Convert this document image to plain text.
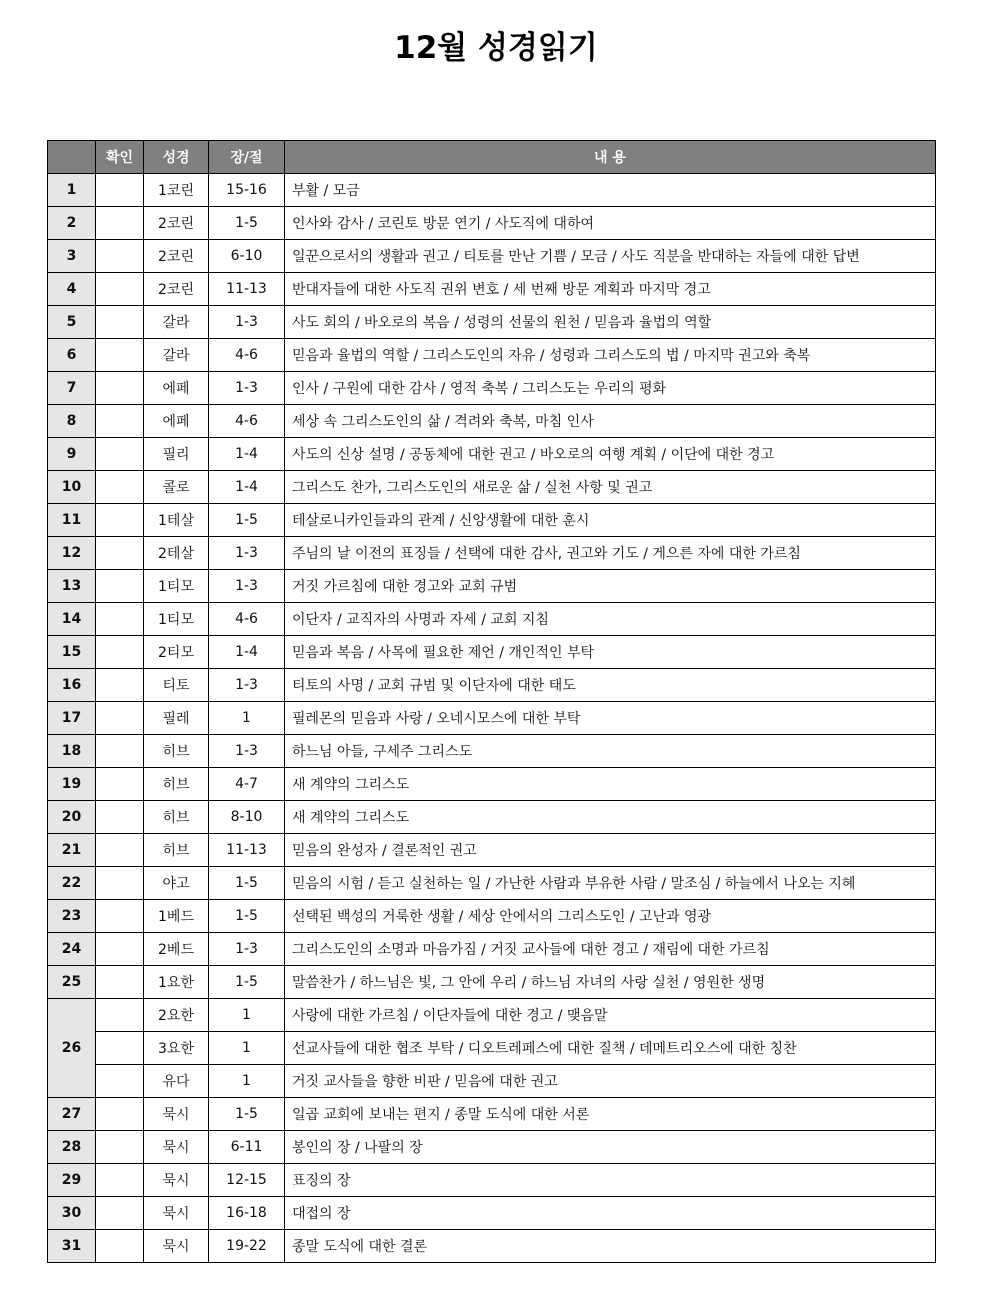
12월 성경읽기
	확인	성경	장/절	내 용
1		1코린	15-16	부활 / 모금
2		2코린	1-5	인사와 감사 / 코린토 방문 연기 / 사도직에 대하여
3		2코린	6-10	일꾼으로서의 생활과 권고 / 티토를 만난 기쁨 / 모금 / 사도 직분을 반대하는 자들에 대한 답변
4		2코린	11-13	반대자들에 대한 사도직 권위 변호 / 세 번째 방문 계획과 마지막 경고
5		갈라	1-3	사도 회의 / 바오로의 복음 / 성령의 선물의 원천 / 믿음과 율법의 역할
6		갈라	4-6	믿음과 율법의 역할 / 그리스도인의 자유 / 성령과 그리스도의 법 / 마지막 권고와 축복
7		에페	1-3	인사 / 구원에 대한 감사 / 영적 축복 / 그리스도는 우리의 평화
8		에페	4-6	세상 속 그리스도인의 삶 / 격려와 축복, 마침 인사
9		필리	1-4	사도의 신상 설명 / 공동체에 대한 권고 / 바오로의 여행 계획 / 이단에 대한 경고
10		콜로	1-4	그리스도 찬가, 그리스도인의 새로운 삶 / 실천 사항 및 권고
11		1테살	1-5	테살로니카인들과의 관계 / 신앙생활에 대한 훈시
12		2테살	1-3	주님의 날 이전의 표징들 / 선택에 대한 감사, 권고와 기도 / 게으른 자에 대한 가르침
13		1티모	1-3	거짓 가르침에 대한 경고와 교회 규범
14		1티모	4-6	이단자 / 교직자의 사명과 자세 / 교회 지침
15		2티모	1-4	믿음과 복음 / 사목에 필요한 제언 / 개인적인 부탁
16		티토	1-3	티토의 사명 / 교회 규범 및 이단자에 대한 태도
17		필레	1	필레몬의 믿음과 사랑 / 오네시모스에 대한 부탁
18		히브	1-3	하느님 아들, 구세주 그리스도
19		히브	4-7	새 계약의 그리스도
20		히브	8-10	새 계약의 그리스도
21		히브	11-13	믿음의 완성자 / 결론적인 권고
22		야고	1-5	믿음의 시험 / 듣고 실천하는 일 / 가난한 사람과 부유한 사람 / 말조심 / 하늘에서 나오는 지혜
23		1베드	1-5	선택된 백성의 거룩한 생활 / 세상 안에서의 그리스도인 / 고난과 영광
24		2베드	1-3	그리스도인의 소명과 마음가짐 / 거짓 교사들에 대한 경고 / 재림에 대한 가르침
25		1요한	1-5	말씀찬가 / 하느님은 빛, 그 안에 우리 / 하느님 자녀의 사랑 실천 / 영원한 생명
26		2요한	1	사랑에 대한 가르침 / 이단자들에 대한 경고 / 맺음말
		3요한	1	선교사들에 대한 협조 부탁 / 디오트레페스에 대한 질책 / 데메트리오스에 대한 칭찬
		유다	1	거짓 교사들을 향한 비판 / 믿음에 대한 권고
27		묵시	1-5	일곱 교회에 보내는 편지 / 종말 도식에 대한 서론
28		묵시	6-11	봉인의 장 / 나팔의 장
29		묵시	12-15	표징의 장
30		묵시	16-18	대접의 장
31		묵시	19-22	종말 도식에 대한 결론
